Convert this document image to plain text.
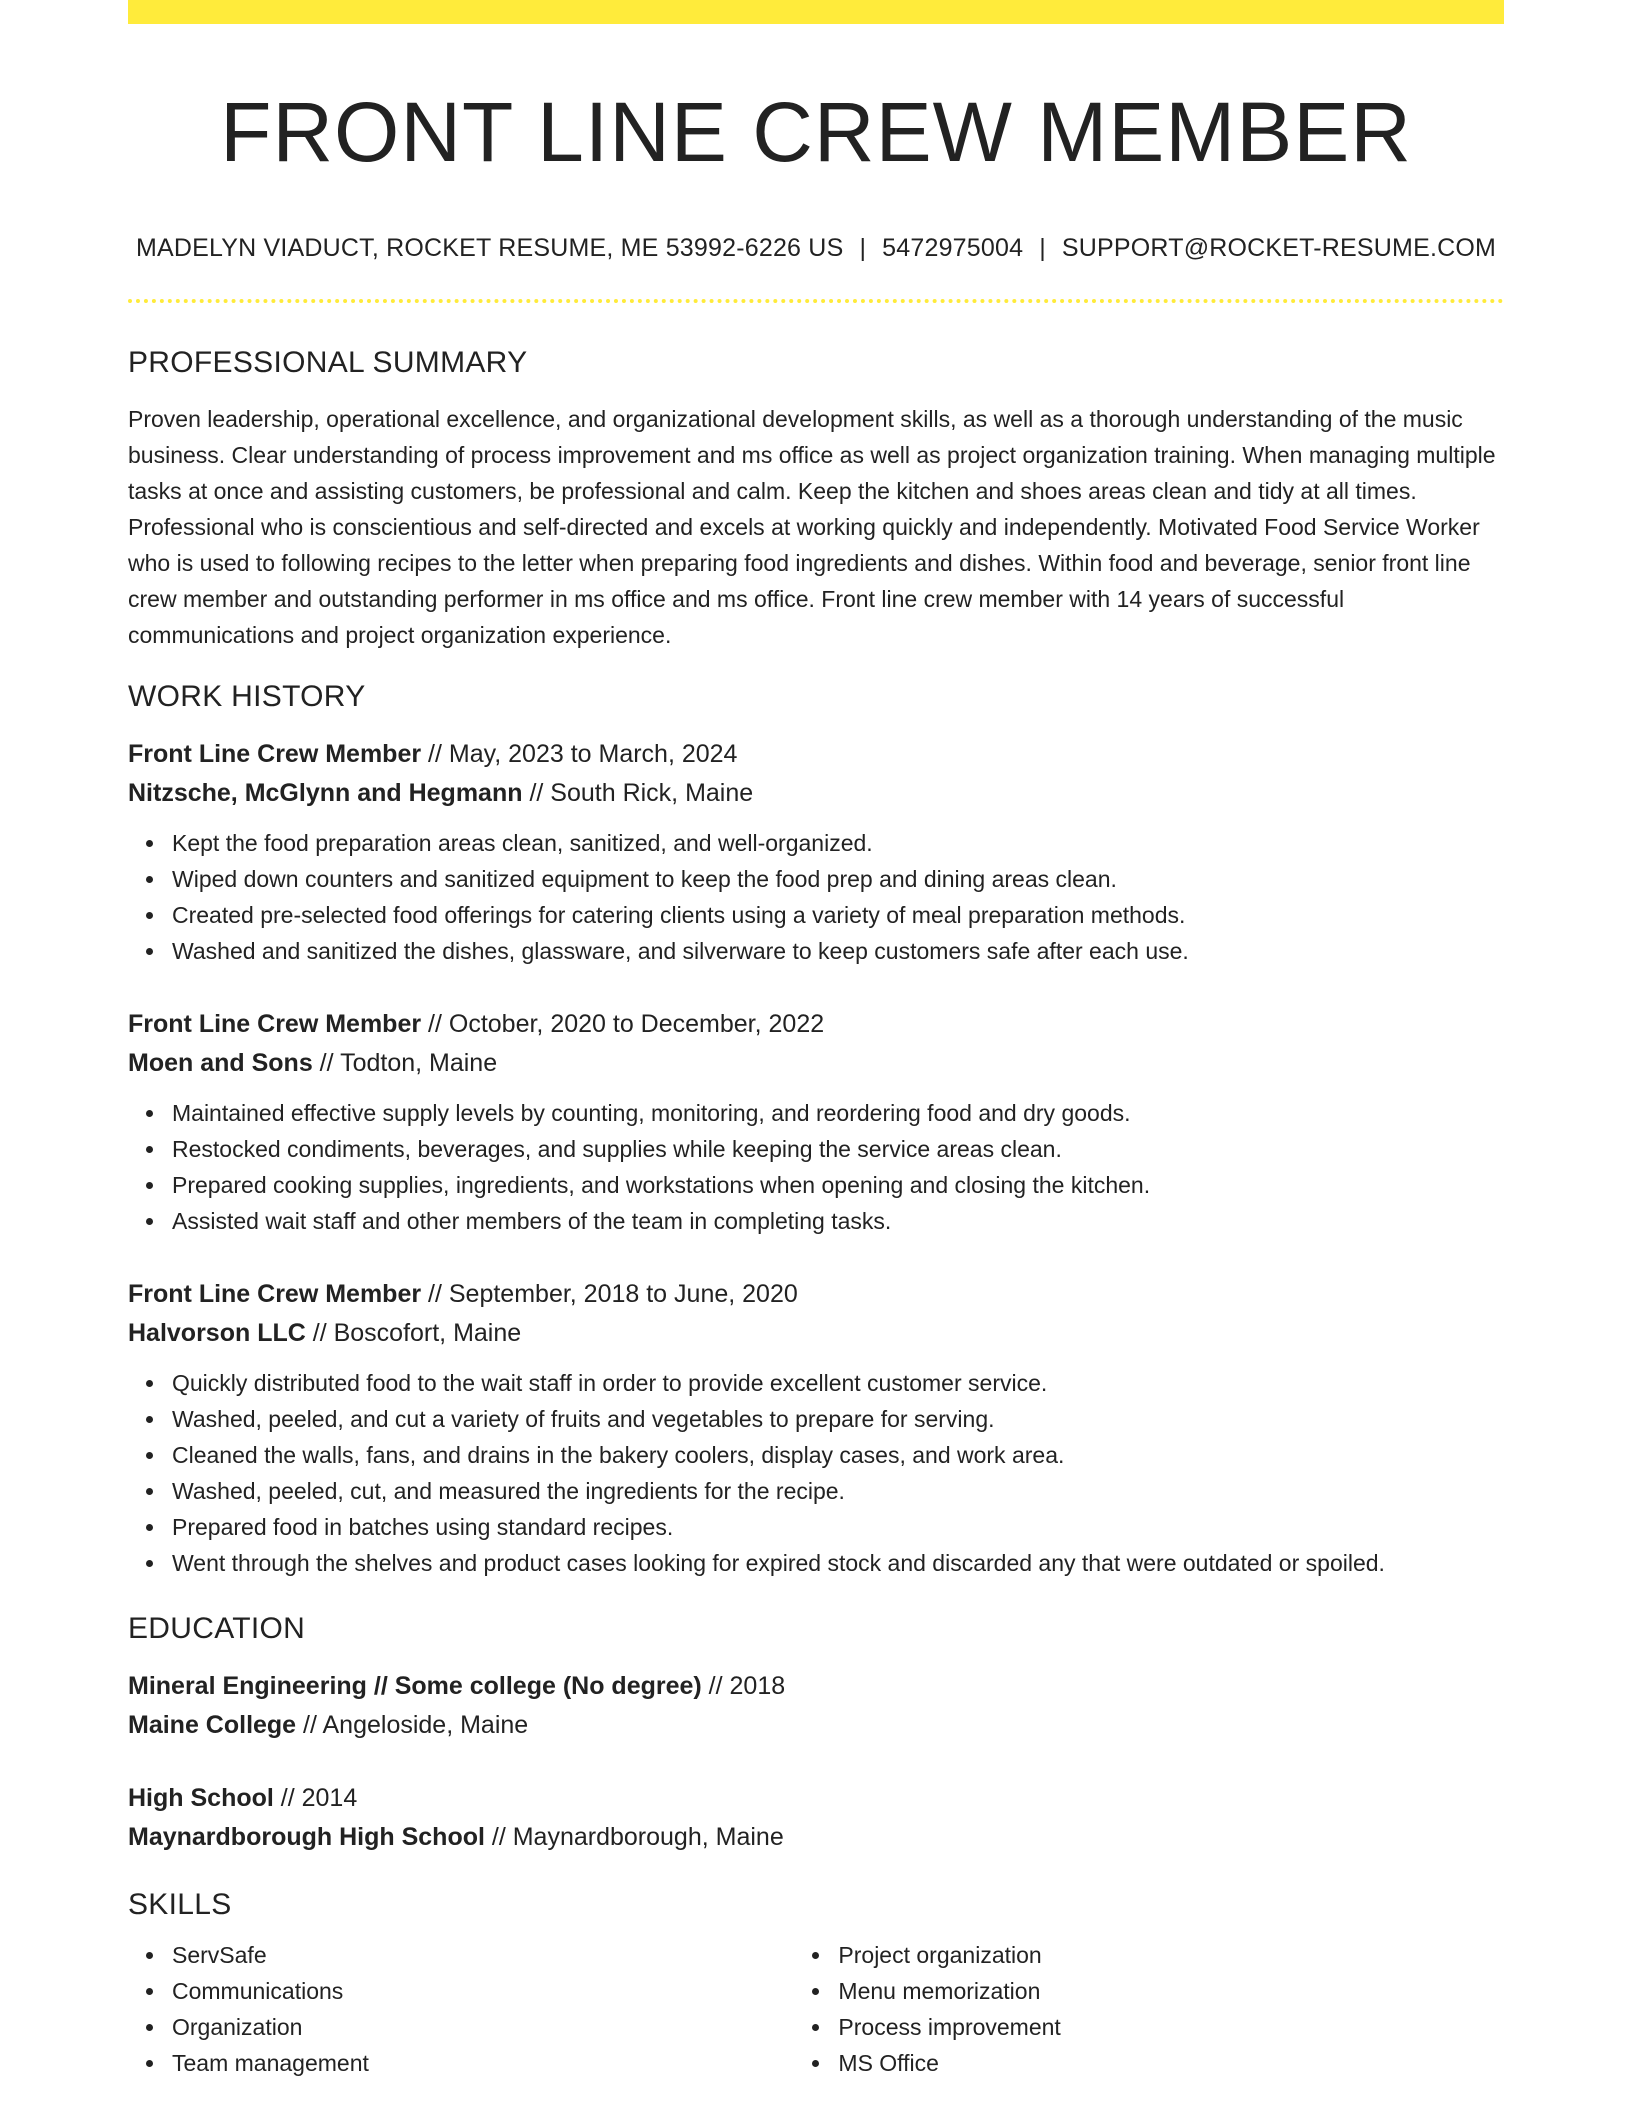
FRONT LINE CREW MEMBER
MADELYN VIADUCT, ROCKET RESUME, ME 53992-6226 US | 5472975004 | SUPPORT@ROCKET-RESUME.COM
PROFESSIONAL SUMMARY
Proven leadership, operational excellence, and organizational development skills, as well as a thorough understanding of the music business. Clear understanding of process improvement and ms office as well as project organization training. When managing multiple tasks at once and assisting customers, be professional and calm. Keep the kitchen and shoes areas clean and tidy at all times. Professional who is conscientious and self-directed and excels at working quickly and independently. Motivated Food Service Worker who is used to following recipes to the letter when preparing food ingredients and dishes. Within food and beverage, senior front line crew member and outstanding performer in ms office and ms office. Front line crew member with 14 years of successful communications and project organization experience.
WORK HISTORY
Front Line Crew Member // May, 2023 to March, 2024
Nitzsche, McGlynn and Hegmann // South Rick, Maine
Kept the food preparation areas clean, sanitized, and well-organized.
Wiped down counters and sanitized equipment to keep the food prep and dining areas clean.
Created pre-selected food offerings for catering clients using a variety of meal preparation methods.
Washed and sanitized the dishes, glassware, and silverware to keep customers safe after each use.
Front Line Crew Member // October, 2020 to December, 2022
Moen and Sons // Todton, Maine
Maintained effective supply levels by counting, monitoring, and reordering food and dry goods.
Restocked condiments, beverages, and supplies while keeping the service areas clean.
Prepared cooking supplies, ingredients, and workstations when opening and closing the kitchen.
Assisted wait staff and other members of the team in completing tasks.
Front Line Crew Member // September, 2018 to June, 2020
Halvorson LLC // Boscofort, Maine
Quickly distributed food to the wait staff in order to provide excellent customer service.
Washed, peeled, and cut a variety of fruits and vegetables to prepare for serving.
Cleaned the walls, fans, and drains in the bakery coolers, display cases, and work area.
Washed, peeled, cut, and measured the ingredients for the recipe.
Prepared food in batches using standard recipes.
Went through the shelves and product cases looking for expired stock and discarded any that were outdated or spoiled.
EDUCATION
Mineral Engineering // Some college (No degree) // 2018
Maine College // Angeloside, Maine
High School // 2014
Maynardborough High School // Maynardborough, Maine
SKILLS
ServSafe
Communications
Organization
Team management
Project organization
Menu memorization
Process improvement
MS Office
